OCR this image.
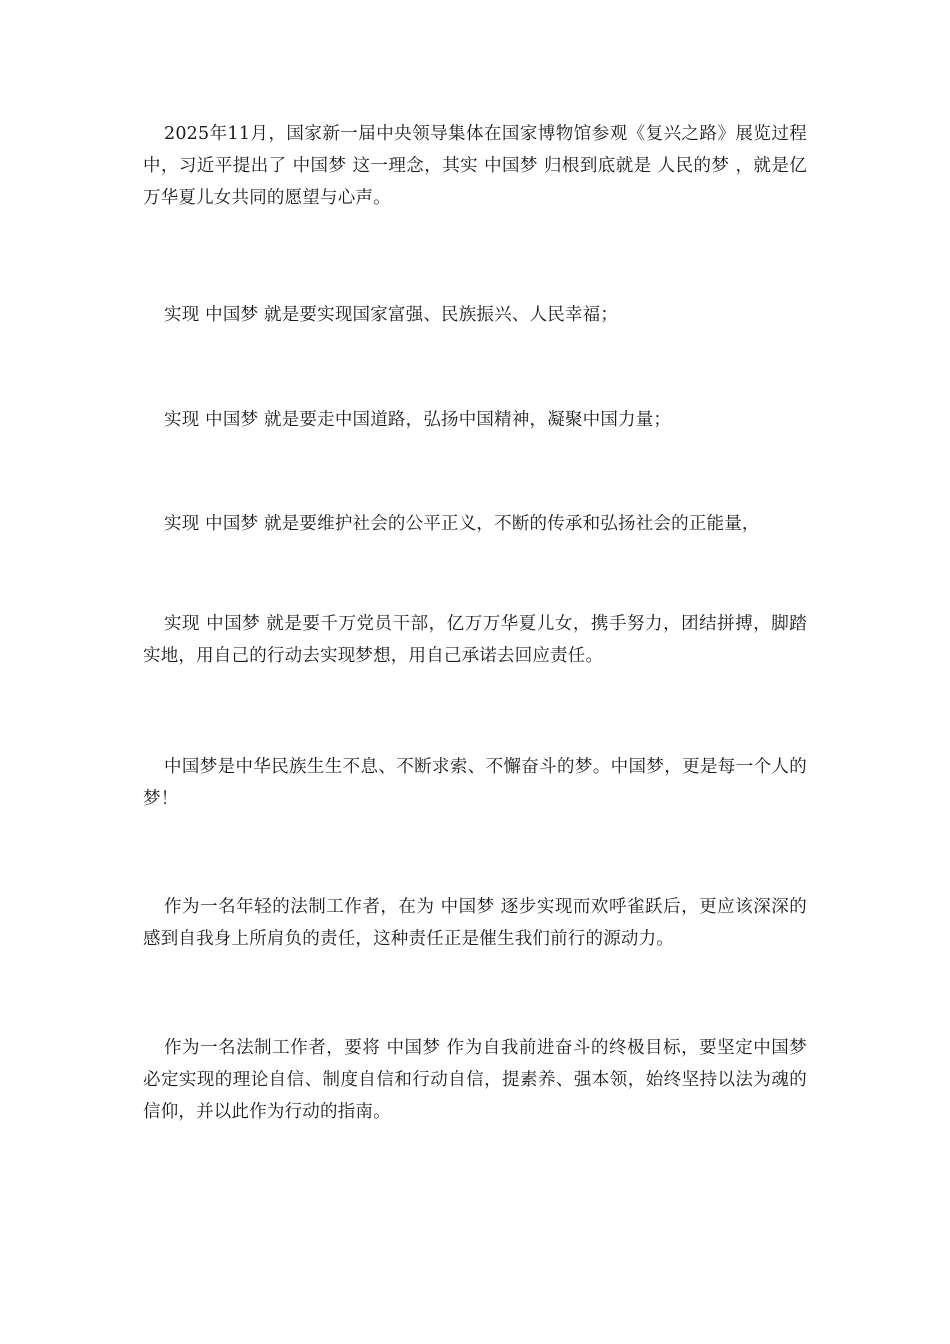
2025年11月，国家新一届中央领导集体在国家博物馆参观《复兴之路》展览过程中，习近平提出了 中国梦 这一理念，其实 中国梦 归根到底就是 人民的梦 ，就是亿万华夏儿女共同的愿望与心声。

实现 中国梦 就是要实现国家富强、民族振兴、人民幸福；

实现 中国梦 就是要走中国道路，弘扬中国精神，凝聚中国力量；

实现 中国梦 就是要维护社会的公平正义，不断的传承和弘扬社会的正能量，

实现 中国梦 就是要千万党员干部，亿万万华夏儿女，携手努力，团结拼搏，脚踏实地，用自己的行动去实现梦想，用自己承诺去回应责任。

中国梦是中华民族生生不息、不断求索、不懈奋斗的梦。中国梦，更是每一个人的梦！

作为一名年轻的法制工作者，在为 中国梦 逐步实现而欢呼雀跃后，更应该深深的感到自我身上所肩负的责任，这种责任正是催生我们前行的源动力。

作为一名法制工作者，要将 中国梦 作为自我前进奋斗的终极目标，要坚定中国梦必定实现的理论自信、制度自信和行动自信，提素养、强本领，始终坚持以法为魂的信仰，并以此作为行动的指南。
